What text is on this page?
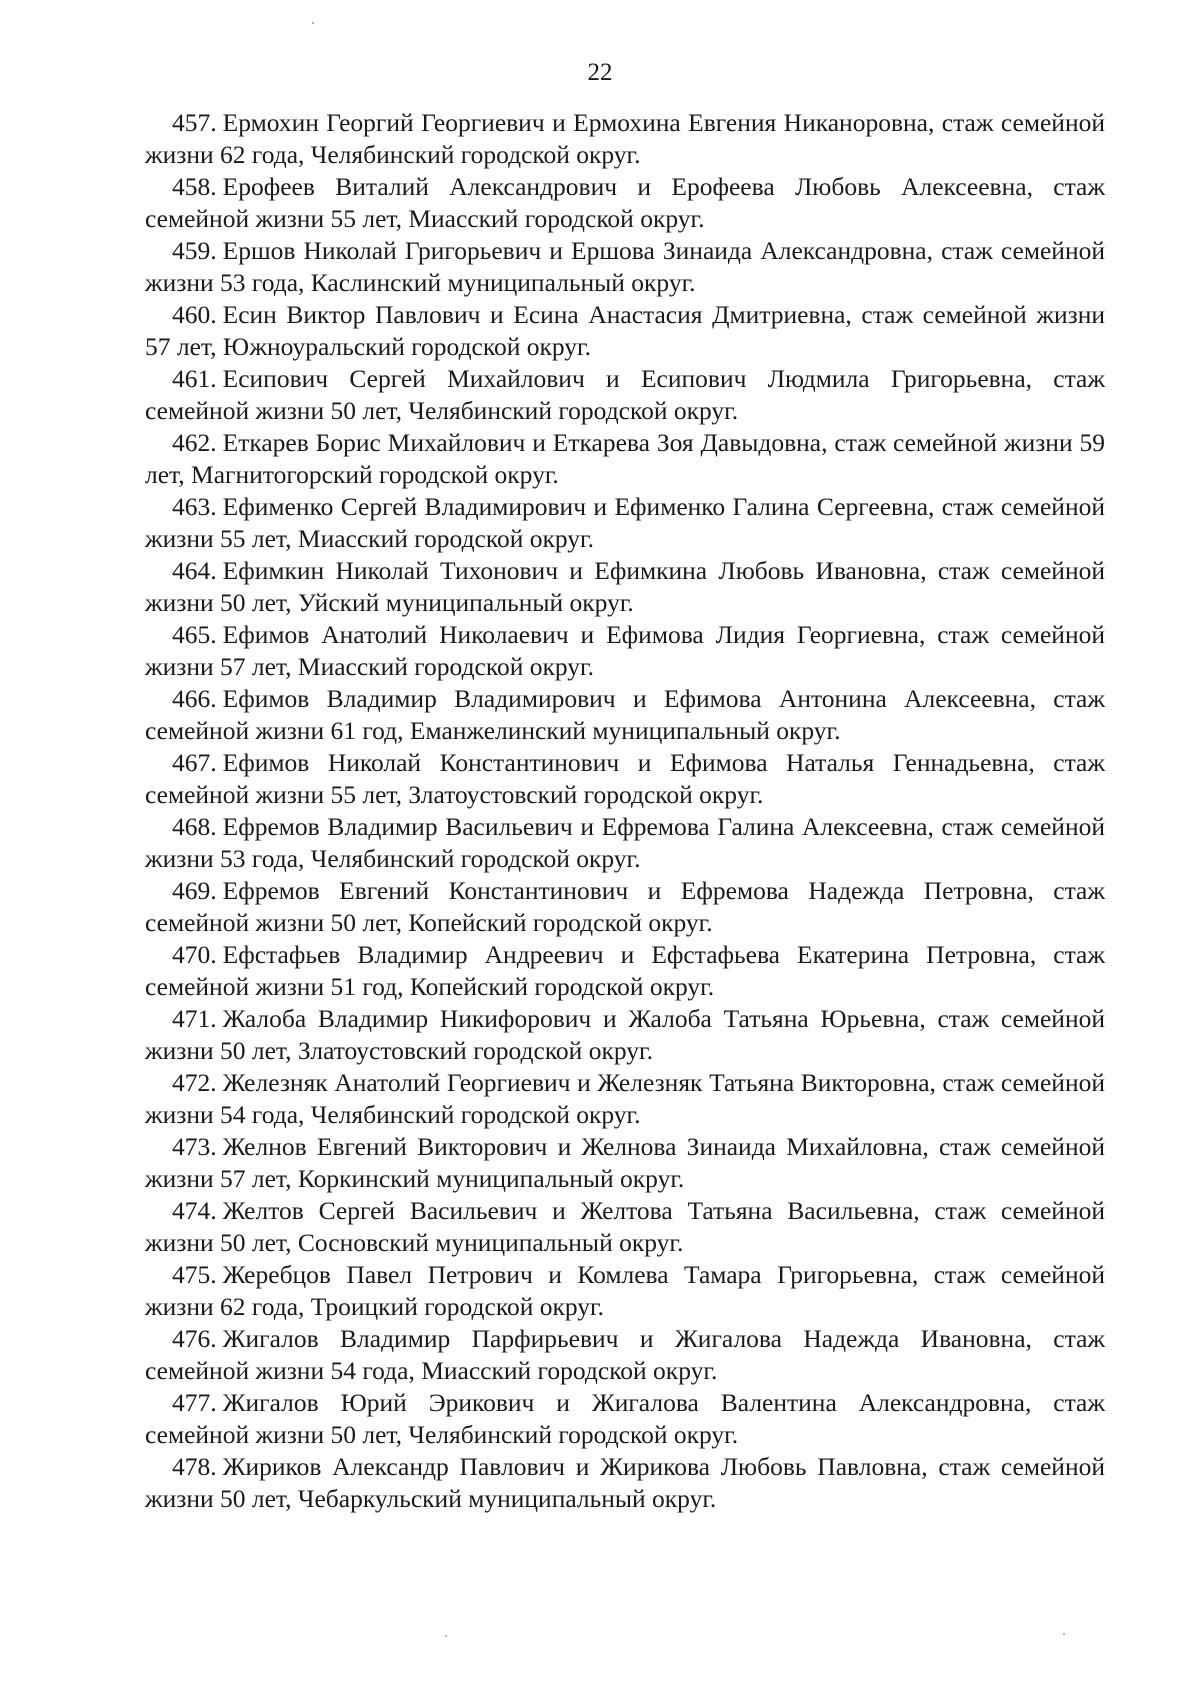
22
457. Ермохин Георгий Георгиевич и Ермохина Евгения Никаноровна, стаж семейной жизни 62 года, Челябинский городской округ.
458. Ерофеев Виталий Александрович и Ерофеева Любовь Алексеевна, стаж семейной жизни 55 лет, Миасский городской округ.
459. Ершов Николай Григорьевич и Ершова Зинаида Александровна, стаж семейной жизни 53 года, Каслинский муниципальный округ.
460. Есин Виктор Павлович и Есина Анастасия Дмитриевна, стаж семейной жизни 57 лет, Южноуральский городской округ.
461. Есипович Сергей Михайлович и Есипович Людмила Григорьевна, стаж семейной жизни 50 лет, Челябинский городской округ.
462. Еткарев Борис Михайлович и Еткарева Зоя Давыдовна, стаж семейной жизни 59 лет, Магнитогорский городской округ.
463. Ефименко Сергей Владимирович и Ефименко Галина Сергеевна, стаж семейной жизни 55 лет, Миасский городской округ.
464. Ефимкин Николай Тихонович и Ефимкина Любовь Ивановна, стаж семейной жизни 50 лет, Уйский муниципальный округ.
465. Ефимов Анатолий Николаевич и Ефимова Лидия Георгиевна, стаж семейной жизни 57 лет, Миасский городской округ.
466. Ефимов Владимир Владимирович и Ефимова Антонина Алексеевна, стаж семейной жизни 61 год, Еманжелинский муниципальный округ.
467. Ефимов Николай Константинович и Ефимова Наталья Геннадьевна, стаж семейной жизни 55 лет, Златоустовский городской округ.
468. Ефремов Владимир Васильевич и Ефремова Галина Алексеевна, стаж семейной жизни 53 года, Челябинский городской округ.
469. Ефремов Евгений Константинович и Ефремова Надежда Петровна, стаж семейной жизни 50 лет, Копейский городской округ.
470. Ефстафьев Владимир Андреевич и Ефстафьева Екатерина Петровна, стаж семейной жизни 51 год, Копейский городской округ.
471. Жалоба Владимир Никифорович и Жалоба Татьяна Юрьевна, стаж семейной жизни 50 лет, Златоустовский городской округ.
472. Железняк Анатолий Георгиевич и Железняк Татьяна Викторовна, стаж семейной жизни 54 года, Челябинский городской округ.
473. Желнов Евгений Викторович и Желнова Зинаида Михайловна, стаж семейной жизни 57 лет, Коркинский муниципальный округ.
474. Желтов Сергей Васильевич и Желтова Татьяна Васильевна, стаж семейной жизни 50 лет, Сосновский муниципальный округ.
475. Жеребцов Павел Петрович и Комлева Тамара Григорьевна, стаж семейной жизни 62 года, Троицкий городской округ.
476. Жигалов Владимир Парфирьевич и Жигалова Надежда Ивановна, стаж семейной жизни 54 года, Миасский городской округ.
477. Жигалов Юрий Эрикович и Жигалова Валентина Александровна, стаж семейной жизни 50 лет, Челябинский городской округ.
478. Жириков Александр Павлович и Жирикова Любовь Павловна, стаж семейной жизни 50 лет, Чебаркульский муниципальный округ.
